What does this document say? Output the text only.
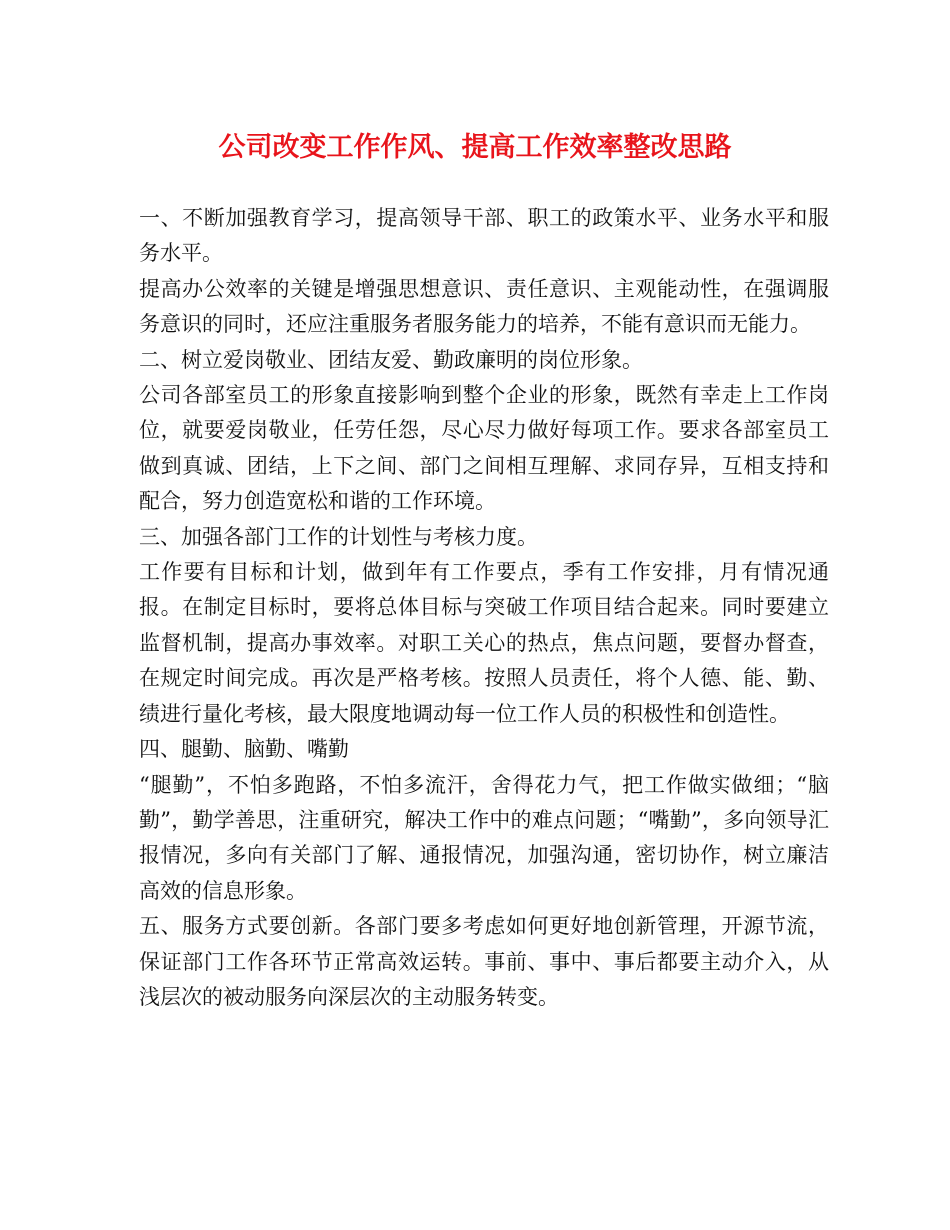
公司改变工作作风、提高工作效率整改思路

一、不断加强教育学习，提高领导干部、职工的政策水平、业务水平和服务水平。

提高办公效率的关键是增强思想意识、责任意识、主观能动性，在强调服务意识的同时，还应注重服务者服务能力的培养，不能有意识而无能力。

二、树立爱岗敬业、团结友爱、勤政廉明的岗位形象。

公司各部室员工的形象直接影响到整个企业的形象，既然有幸走上工作岗位，就要爱岗敬业，任劳任怨，尽心尽力做好每项工作。要求各部室员工做到真诚、团结，上下之间、部门之间相互理解、求同存异，互相支持和配合，努力创造宽松和谐的工作环境。

三、加强各部门工作的计划性与考核力度。

工作要有目标和计划，做到年有工作要点，季有工作安排，月有情况通报。在制定目标时，要将总体目标与突破工作项目结合起来。同时要建立监督机制，提高办事效率。对职工关心的热点，焦点问题，要督办督查，在规定时间完成。再次是严格考核。按照人员责任，将个人德、能、勤、绩进行量化考核，最大限度地调动每一位工作人员的积极性和创造性。

四、腿勤、脑勤、嘴勤

“腿勤”，不怕多跑路，不怕多流汗，舍得花力气，把工作做实做细；“脑勤”，勤学善思，注重研究，解决工作中的难点问题；“嘴勤”，多向领导汇报情况，多向有关部门了解、通报情况，加强沟通，密切协作，树立廉洁高效的信息形象。

五、服务方式要创新。各部门要多考虑如何更好地创新管理，开源节流，保证部门工作各环节正常高效运转。事前、事中、事后都要主动介入，从浅层次的被动服务向深层次的主动服务转变。
